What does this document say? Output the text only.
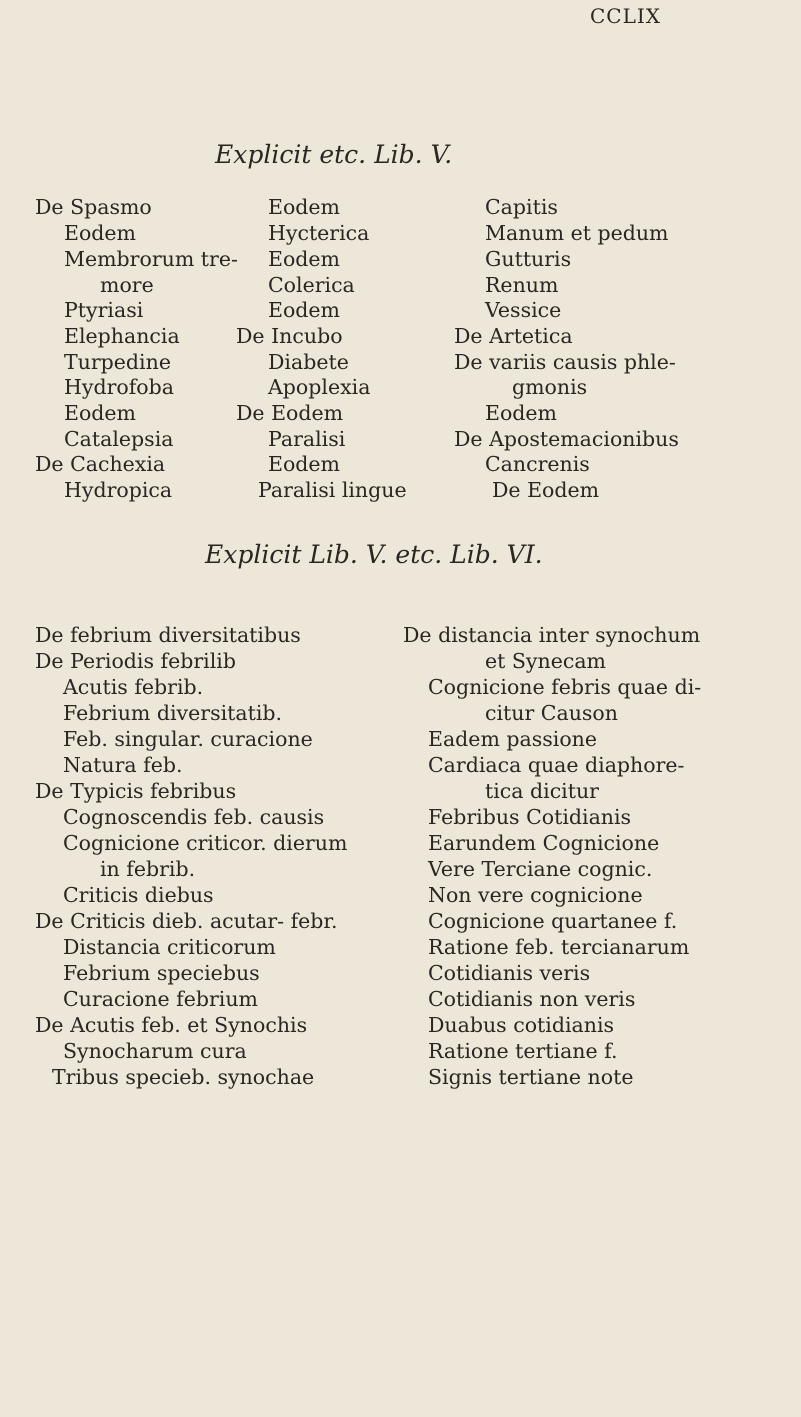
CCLIX
Explicit etc. Lib. V.
De Spasmo
Eodem
Membrorum tre-
more
Ptyriasi
Elephancia
Turpedine
Hydrofoba
Eodem
Catalepsia
De Cachexia
Hydropica
Eodem
Hycterica
Eodem
Colerica
Eodem
De Incubo
Diabete
Apoplexia
De Eodem
Paralisi
Eodem
Paralisi lingue
Capitis
Manum et pedum
Gutturis
Renum
Vessice
De Artetica
De variis causis phle-
gmonis
Eodem
De Apostemacionibus
Cancrenis
De Eodem
Explicit Lib. V. etc. Lib. VI.
De febrium diversitatibus
De Periodis febrilib
Acutis febrib.
Febrium diversitatib.
Feb. singular. curacione
Natura feb.
De Typicis febribus
Cognoscendis feb. causis
Cognicione criticor. dierum
in febrib.
Criticis diebus
De Criticis dieb. acutar- febr.
Distancia criticorum
Febrium speciebus
Curacione febrium
De Acutis feb. et Synochis
Synocharum cura
Tribus specieb. synochae
De distancia inter synochum
et Synecam
Cognicione febris quae di-
citur Causon
Eadem passione
Cardiaca quae diaphore-
tica dicitur
Febribus Cotidianis
Earundem Cognicione
Vere Terciane cognic.
Non vere cognicione
Cognicione quartanee f.
Ratione feb. tercianarum
Cotidianis veris
Cotidianis non veris
Duabus cotidianis
Ratione tertiane f.
Signis tertiane note
